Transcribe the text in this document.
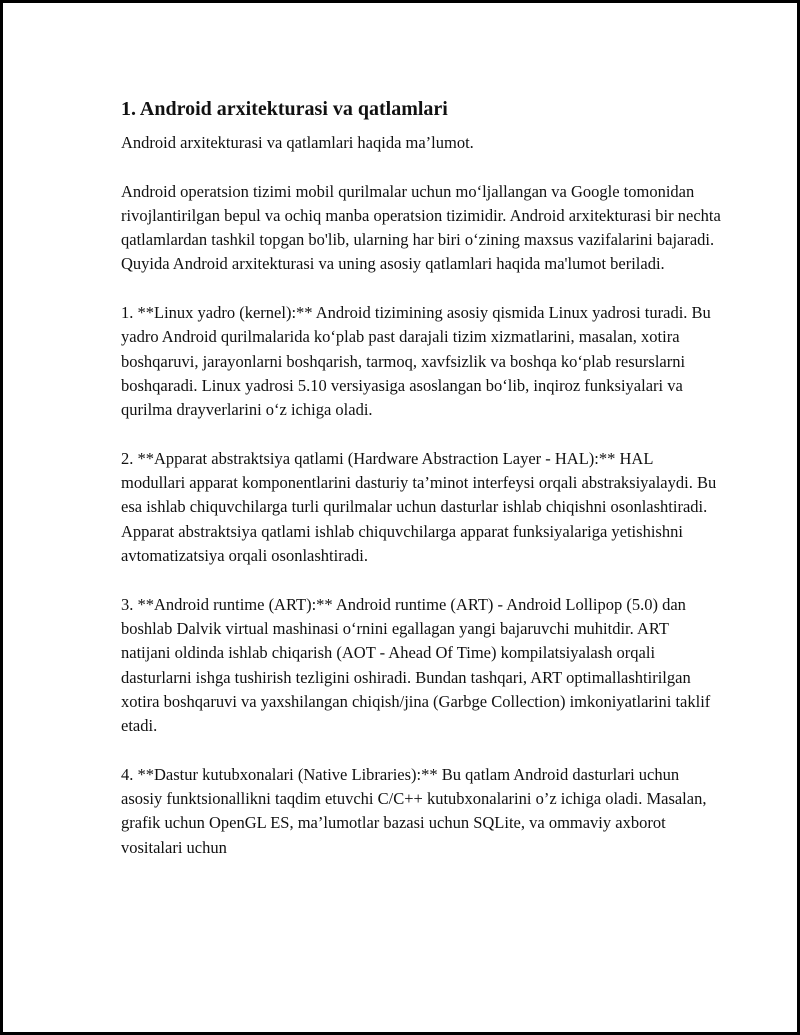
1. Android arxitekturasi va qatlamlari

Android arxitekturasi va qatlamlari haqida ma’lumot.

Android operatsion tizimi mobil qurilmalar uchun mo‘ljallangan va Google tomonidan rivojlantirilgan bepul va ochiq manba operatsion tizimidir. Android arxitekturasi bir nechta qatlamlardan tashkil topgan bo'lib, ularning har biri o‘zining maxsus vazifalarini bajaradi. Quyida Android arxitekturasi va uning asosiy qatlamlari haqida ma'lumot beriladi.

1. **Linux yadro (kernel):** Android tizimining asosiy qismida Linux yadrosi turadi. Bu yadro Android qurilmalarida ko‘plab past darajali tizim xizmatlarini, masalan, xotira boshqaruvi, jarayonlarni boshqarish, tarmoq, xavfsizlik va boshqa ko‘plab resurslarni boshqaradi. Linux yadrosi 5.10 versiyasiga asoslangan bo‘lib, inqiroz funksiyalari va qurilma drayverlarini o‘z ichiga oladi.

2. **Apparat abstraktsiya qatlami (Hardware Abstraction Layer - HAL):** HAL modullari apparat komponentlarini dasturiy ta’minot interfeysi orqali abstraksiyalaydi. Bu esa ishlab chiquvchilarga turli qurilmalar uchun dasturlar ishlab chiqishni osonlashtiradi. Apparat abstraktsiya qatlami ishlab chiquvchilarga apparat funksiyalariga yetishishni avtomatizatsiya orqali osonlashtiradi.

3. **Android runtime (ART):** Android runtime (ART) - Android Lollipop (5.0) dan boshlab Dalvik virtual mashinasi o‘rnini egallagan yangi bajaruvchi muhitdir. ART natijani oldinda ishlab chiqarish (AOT - Ahead Of Time) kompilatsiyalash orqali dasturlarni ishga tushirish tezligini oshiradi. Bundan tashqari, ART optimallashtirilgan xotira boshqaruvi va yaxshilangan chiqish/jina (Garbge Collection) imkoniyatlarini taklif etadi.

4. **Dastur kutubxonalari (Native Libraries):** Bu qatlam Android dasturlari uchun asosiy funktsionallikni taqdim etuvchi C/C++ kutubxonalarini o’z ichiga oladi. Masalan, grafik uchun OpenGL ES, ma’lumotlar bazasi uchun SQLite, va ommaviy axborot vositalari uchun
